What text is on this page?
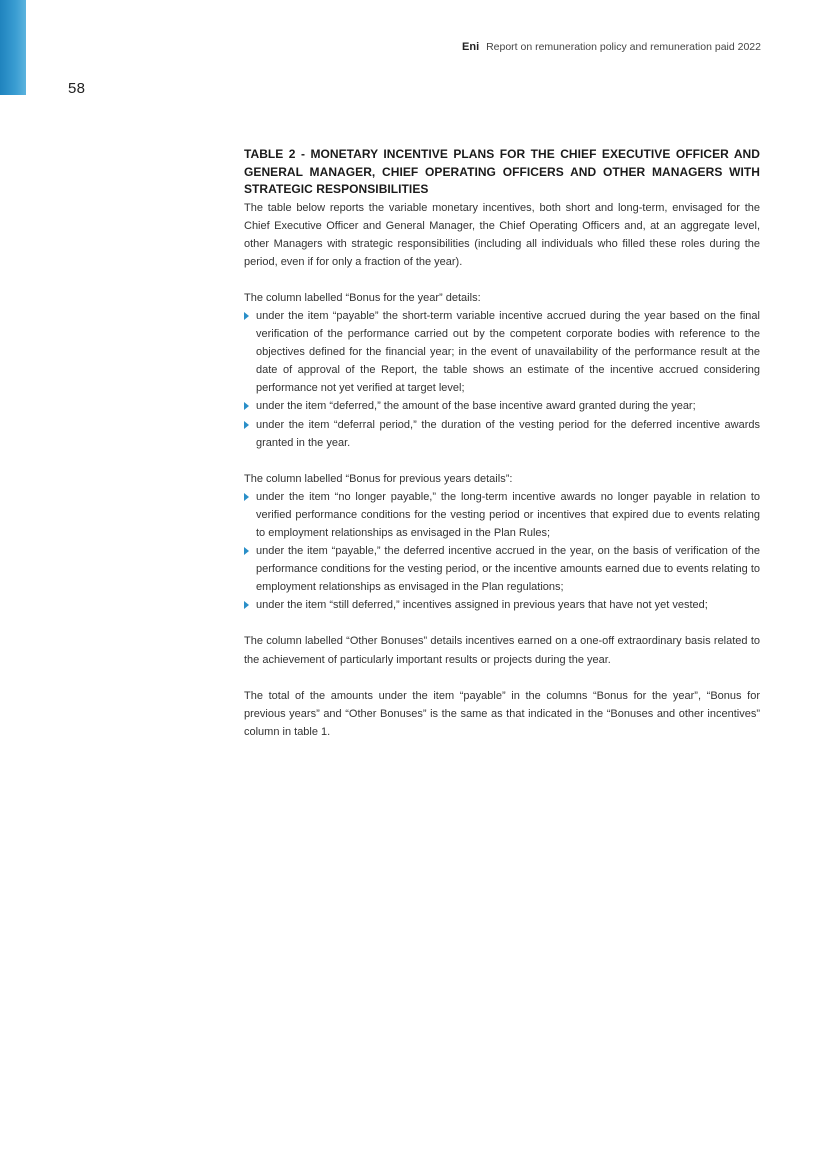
Eni Report on remuneration policy and remuneration paid 2022
58
TABLE 2 - MONETARY INCENTIVE PLANS FOR THE CHIEF EXECUTIVE OFFICER AND GENERAL MANAGER, CHIEF OPERATING OFFICERS AND OTHER MANAGERS WITH STRATEGIC RESPONSIBILITIES

The table below reports the variable monetary incentives, both short and long-term, envisaged for the Chief Executive Officer and General Manager, the Chief Operating Officers and, at an aggregate level, other Managers with strategic responsibilities (including all individuals who filled these roles during the period, even if for only a fraction of the year).

The column labelled “Bonus for the year” details:

under the item “payable” the short-term variable incentive accrued during the year based on the final verification of the performance carried out by the competent corporate bodies with reference to the objectives defined for the financial year; in the event of unavailability of the performance result at the date of approval of the Report, the table shows an estimate of the incentive accrued considering performance not yet verified at target level;
under the item “deferred,” the amount of the base incentive award granted during the year;
under the item “deferral period,” the duration of the vesting period for the deferred incentive awards granted in the year.

The column labelled “Bonus for previous years details”:

under the item “no longer payable,” the long-term incentive awards no longer payable in relation to verified performance conditions for the vesting period or incentives that expired due to events relating to employment relationships as envisaged in the Plan Rules;
under the item “payable,” the deferred incentive accrued in the year, on the basis of verification of the performance conditions for the vesting period, or the incentive amounts earned due to events relating to employment relationships as envisaged in the Plan regulations;
under the item “still deferred,” incentives assigned in previous years that have not yet vested;

The column labelled “Other Bonuses” details incentives earned on a one-off extraordinary basis related to the achievement of particularly important results or projects during the year.

The total of the amounts under the item “payable” in the columns “Bonus for the year”, “Bonus for previous years” and “Other Bonuses” is the same as that indicated in the “Bonuses and other incentives” column in table 1.
